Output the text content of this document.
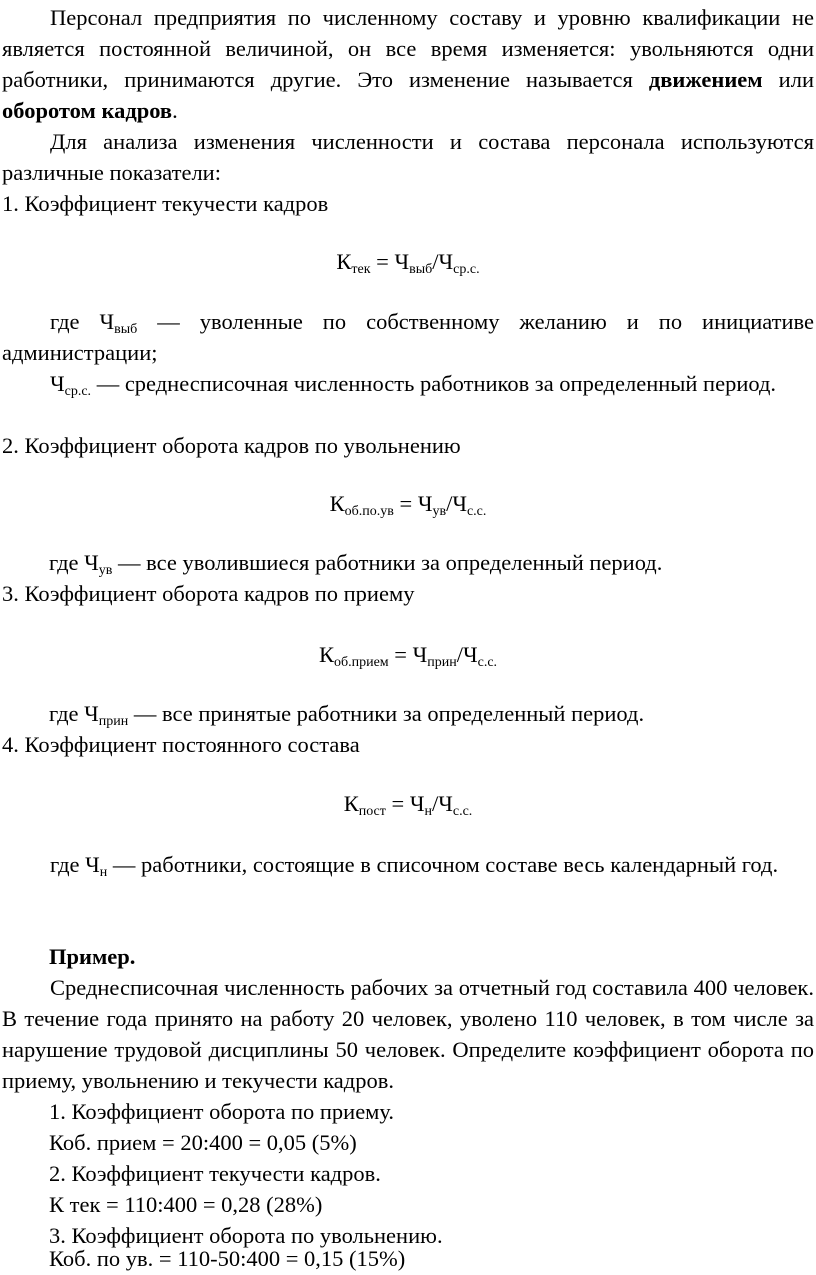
Персонал предприятия по численному составу и уровню квалификации не является постоянной величиной, он все время изменяется: увольняются одни работники, принимаются другие. Это изменение называется движением или оборотом кадров.

Для анализа изменения численности и состава персонала используются различные показатели:

1. Коэффициент текучести кадров

$К_{тек} = Ч_{выб}/Ч_{ср.с.}$

где $Ч_{выб}$ — уволенные по собственному желанию и по инициативе администрации;

$Ч_{ср.с.}$ — среднесписочная численность работников за определенный период.

2. Коэффициент оборота кадров по увольнению

$К_{об.по.ув} = Ч_{ув}/Ч_{с.с.}$

где $Ч_{ув}$ — все уволившиеся работники за определенный период.

3. Коэффициент оборота кадров по приему

$К_{об.прием} = Ч_{прин}/Ч_{с.с.}$

где $Ч_{прин}$ — все принятые работники за определенный период.

4. Коэффициент постоянного состава

$К_{пост} = Ч_н/Ч_{с.с.}$

где $Ч_н$ — работники, состоящие в списочном составе весь календарный год.

Пример.

Среднесписочная численность рабочих за отчетный год составила 400 человек. В течение года принято на работу 20 человек, уволено 110 человек, в том числе за нарушение трудовой дисциплины 50 человек. Определите коэффициент оборота по приему, увольнению и текучести кадров.

1. Коэффициент оборота по приему.

Коб. прием = 20:400 = 0,05 (5%)

2. Коэффициент текучести кадров.

К тек = 110:400 = 0,28 (28%)

3. Коэффициент оборота по увольнению.

Коб. по ув. = 110-50:400 = 0,15 (15%)
